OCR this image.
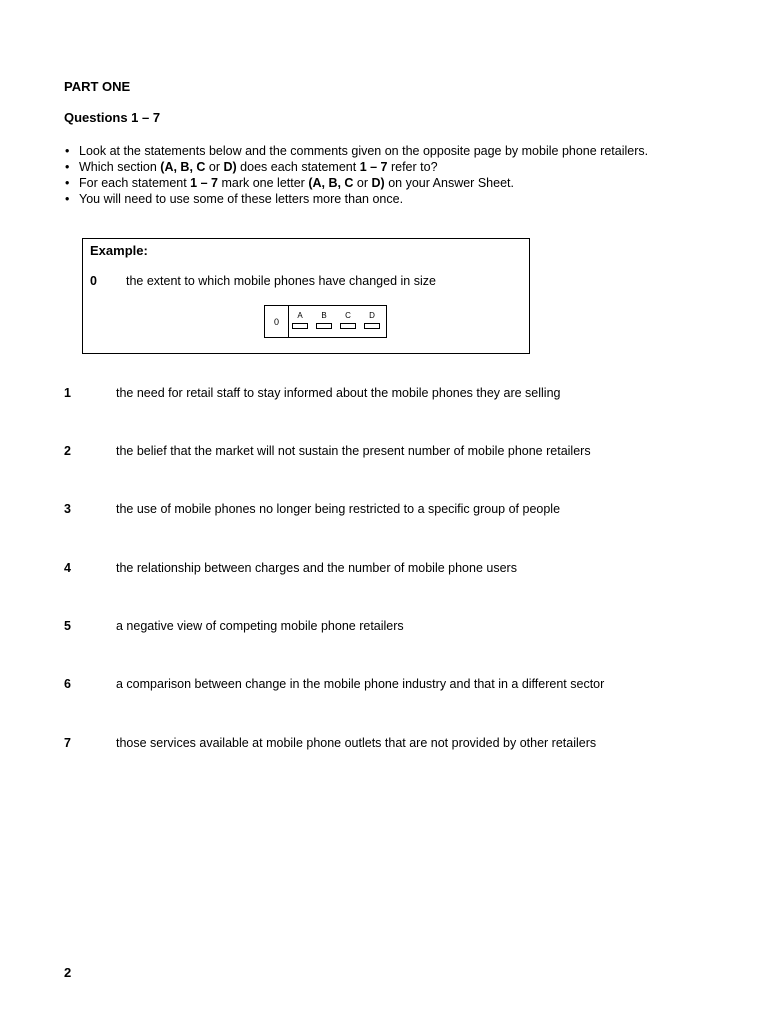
PART ONE
Questions 1 – 7
• Look at the statements below and the comments given on the opposite page by mobile phone retailers.
• Which section (A, B, C or D) does each statement 1 – 7 refer to?
• For each statement 1 – 7 mark one letter (A, B, C or D) on your Answer Sheet.
• You will need to use some of these letters more than once.
Example:
0 the extent to which mobile phones have changed in size
0
A	B	C	D
1	the need for retail staff to stay informed about the mobile phones they are selling
2	the belief that the market will not sustain the present number of mobile phone retailers
3	the use of mobile phones no longer being restricted to a specific group of people
4	the relationship between charges and the number of mobile phone users
5	a negative view of competing mobile phone retailers
6	a comparison between change in the mobile phone industry and that in a different sector
7	those services available at mobile phone outlets that are not provided by other retailers
2
